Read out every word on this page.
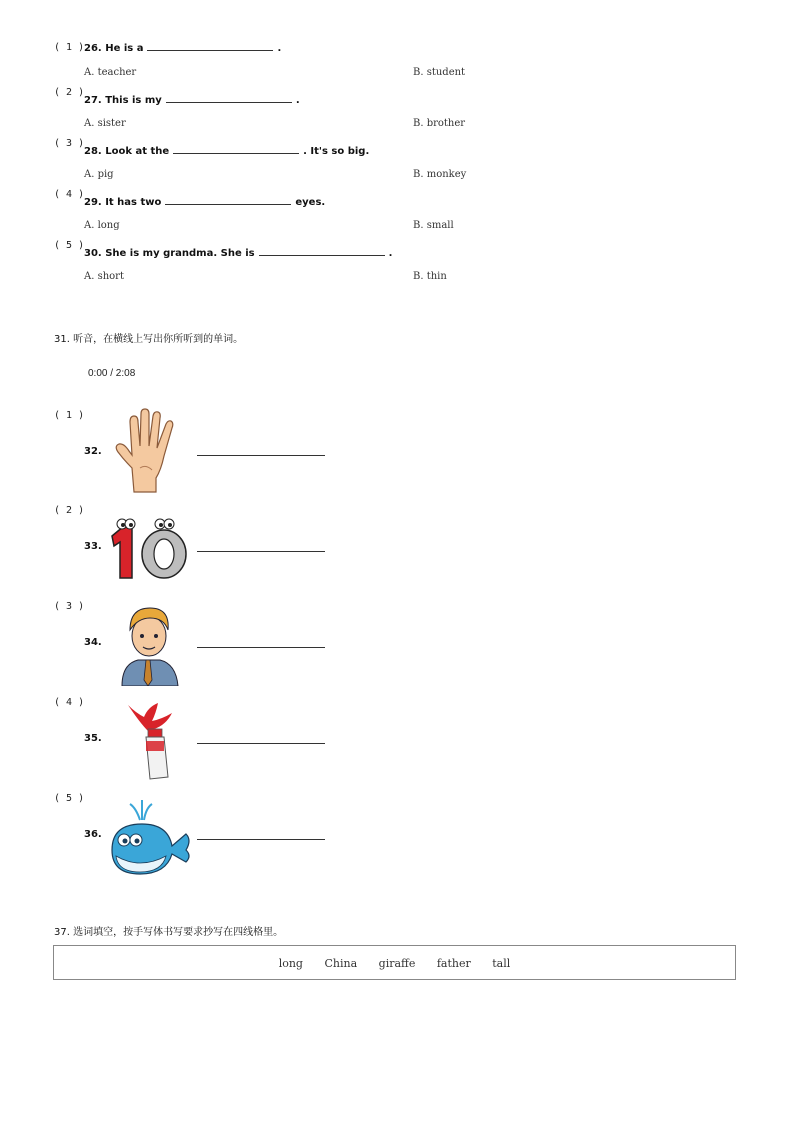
( 1 ) 26. He is a	.
A. teacher	B. student
( 2 )
27. This is my	.
A. sister	B. brother
( 3 )
28. Look at the	. It's so big.
A. pig	B. monkey
( 4 )
29. It has two	eyes.
A. long	B. small
( 5 )
30. She is my grandma. She is	.
A. short	B. thin
31. 听音，在横线上写出你所听到的单词。
0:00 / 2:08
( 1 )
32.
( 2 )
33.
( 3 )
34.
( 4 )
35.
( 5 )
36.
37. 选词填空，按手写体书写要求抄写在四线格里。
long China giraffe father tall
